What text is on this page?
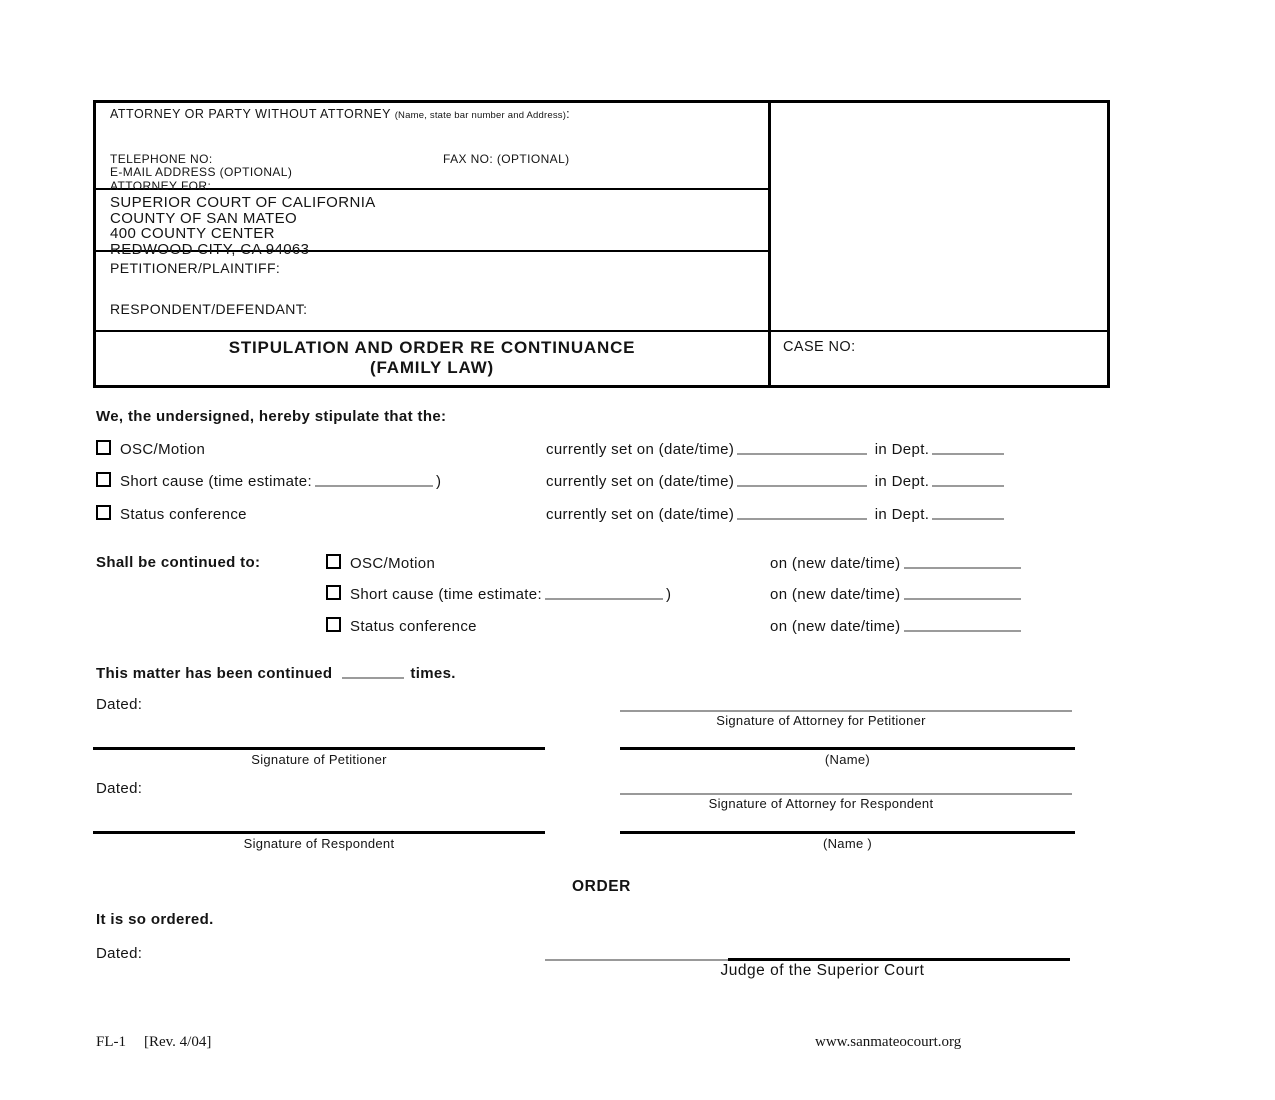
ATTORNEY OR PARTY WITHOUT ATTORNEY (Name, state bar number and Address):
TELEPHONE NO:	FAX NO: (OPTIONAL)
E-MAIL ADDRESS (OPTIONAL)
ATTORNEY FOR:
SUPERIOR COURT OF CALIFORNIA
COUNTY OF SAN MATEO
400 COUNTY CENTER
REDWOOD CITY, CA 94063
PETITIONER/PLAINTIFF:
RESPONDENT/DEFENDANT:
STIPULATION AND ORDER RE CONTINUANCE
(FAMILY LAW)
CASE NO:
We, the undersigned, hereby stipulate that the:
OSC/Motion	currently set on (date/time)	in Dept.
Short cause (time estimate:	)	currently set on (date/time)	in Dept.
Status conference	currently set on (date/time)	in Dept.
Shall be continued to:	OSC/Motion	on (new date/time)
Short cause (time estimate:	)	on (new date/time)
Status conference	on (new date/time)
This matter has been continued	times.
Dated:
Signature of Attorney for Petitioner
Signature of Petitioner	(Name)
Dated:
Signature of Attorney for Respondent
Signature of Respondent	(Name )
ORDER
It is so ordered.
Dated:
Judge of the Superior Court
FL-1 [Rev. 4/04]	www.sanmateocourt.org
